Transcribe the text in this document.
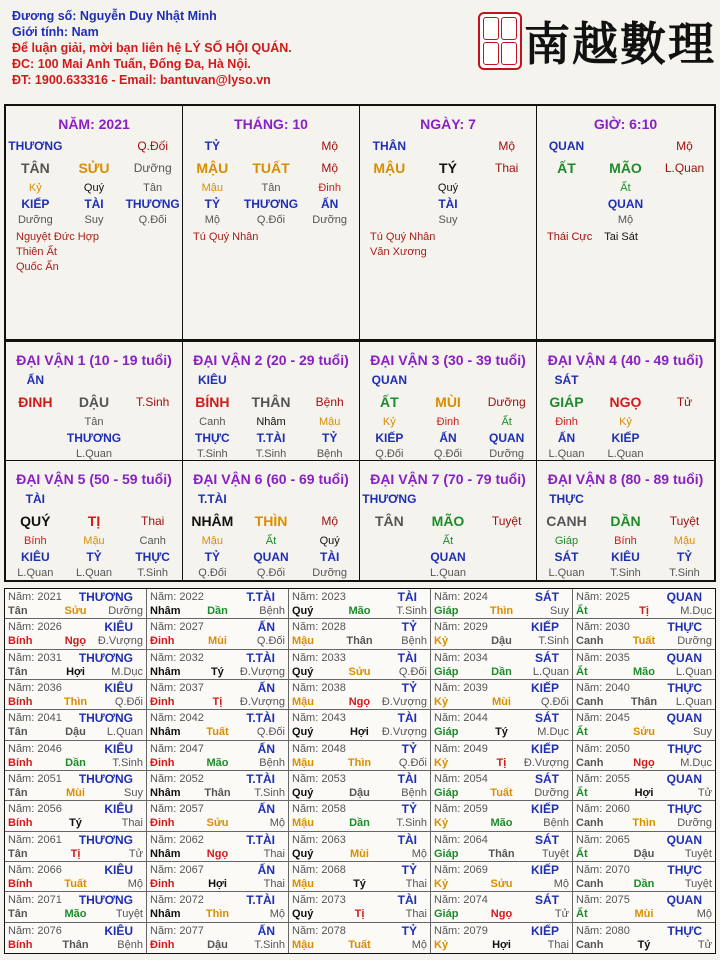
Đương số: Nguyễn Duy Nhật Minh
Giới tính: Nam
Để luận giải, mời bạn liên hệ LÝ SỐ HỘI QUÁN.
ĐC: 100 Mai Anh Tuấn, Đống Đa, Hà Nội.
ĐT: 1900.633316 - Email: bantuvan@lyso.vn
南越數理
NĂM: 2021
THƯƠNG	Q.Đối
TÂN	SỬU	Dưỡng
Kỷ	Quý	Tân
KIẾP	TÀI	THƯƠNG
Dưỡng	Suy	Q.Đối
Nguyệt Đức Hợp
Thiên Ất
Quốc Ấn
THÁNG: 10
TỶ	Mộ
MẬU	TUẤT	Mộ
Mậu	Tân	Đinh
TỶ	THƯƠNG	ẤN
Mộ	Q.Đối	Dưỡng
Tú Quý Nhân
NGÀY: 7
THÂN	Mộ
MẬU	TÝ	Thai
Quý
TÀI
Suy
Tú Quý Nhân
Văn Xương
GIỜ: 6:10
QUAN	Mộ
ẤT	MÃO	L.Quan
Ất
QUAN
Mộ
Thái Cực Tai Sát
ĐẠI VẬN 1 (10 - 19 tuổi)
ẤN
ĐINH	DẬU	T.Sinh
Tân
THƯƠNG
L.Quan
ĐẠI VẬN 2 (20 - 29 tuổi)
KIÊU
BÍNH	THÂN	Bệnh
Canh	Nhâm	Mậu
THỰC	T.TÀI	TỶ
T.Sinh	T.Sinh	Bệnh
ĐẠI VẬN 3 (30 - 39 tuổi)
QUAN
ẤT	MÙI	Dưỡng
Kỷ	Đinh	Ất
KIẾP	ẤN	QUAN
Q.Đối	Q.Đối	Dưỡng
ĐẠI VẬN 4 (40 - 49 tuổi)
SÁT
GIÁP	NGỌ	Tử
Đinh	Kỷ
ẤN	KIẾP
L.Quan	L.Quan
ĐẠI VẬN 5 (50 - 59 tuổi)
TÀI
QUÝ	TỊ	Thai
Bính	Mậu	Canh
KIÊU	TỶ	THỰC
L.Quan	L.Quan	T.Sinh
ĐẠI VẬN 6 (60 - 69 tuổi)
T.TÀI
NHÂM	THÌN	Mộ
Mậu	Ất	Quý
TỶ	QUAN	TÀI
Q.Đối	Q.Đối	Dưỡng
ĐẠI VẬN 7 (70 - 79 tuổi)
THƯƠNG
TÂN	MÃO	Tuyệt
Ất
QUAN
L.Quan
ĐẠI VẬN 8 (80 - 89 tuổi)
THỰC
CANH	DẦN	Tuyệt
Giáp	Bính	Mậu
SÁT	KIÊU	TỶ
L.Quan	T.Sinh	T.Sinh
Năm: 2021 THƯƠNG
Tân	Sửu	Dưỡng
Năm: 2022	T.TÀI
Nhâm	Dần	Bệnh
Năm: 2023	TÀI
Quý	Mão	T.Sinh
Năm: 2024	SÁT
Giáp	Thìn	Suy
Năm: 2025	QUAN
Ất	Tị	M.Dục
Năm: 2026	KIÊU
Bính	Ngọ	Đ.Vượng
Năm: 2027	ẤN
Đinh	Mùi	Q.Đối
Năm: 2028	TỶ
Mậu	Thân	Bệnh
Năm: 2029	KIẾP
Kỷ	Dậu	T.Sinh
Năm: 2030	THỰC
Canh	Tuất	Dưỡng
Năm: 2031 THƯƠNG
Tân	Hợi	M.Dục
Năm: 2032	T.TÀI
Nhâm	Tý	Đ.Vượng
Năm: 2033	TÀI
Quý	Sửu	Q.Đối
Năm: 2034	SÁT
Giáp	Dần	L.Quan
Năm: 2035	QUAN
Ất	Mão	L.Quan
Năm: 2036	KIÊU
Bính	Thìn	Q.Đối
Năm: 2037	ẤN
Đinh	Tị	Đ.Vượng
Năm: 2038	TỶ
Mậu	Ngọ	Đ.Vượng
Năm: 2039	KIẾP
Kỷ	Mùi	Q.Đối
Năm: 2040	THỰC
Canh	Thân	L.Quan
Năm: 2041 THƯƠNG
Tân	Dậu	L.Quan
Năm: 2042	T.TÀI
Nhâm	Tuất	Q.Đối
Năm: 2043	TÀI
Quý	Hợi	Đ.Vượng
Năm: 2044	SÁT
Giáp	Tý	M.Dục
Năm: 2045	QUAN
Ất	Sửu	Suy
Năm: 2046	KIÊU
Bính	Dần	T.Sinh
Năm: 2047	ẤN
Đinh	Mão	Bệnh
Năm: 2048	TỶ
Mậu	Thìn	Q.Đối
Năm: 2049	KIẾP
Kỷ	Tị	Đ.Vượng
Năm: 2050	THỰC
Canh	Ngọ	M.Dục
Năm: 2051 THƯƠNG
Tân	Mùi	Suy
Năm: 2052	T.TÀI
Nhâm	Thân	T.Sinh
Năm: 2053	TÀI
Quý	Dậu	Bệnh
Năm: 2054	SÁT
Giáp	Tuất	Dưỡng
Năm: 2055	QUAN
Ất	Hợi	Tử
Năm: 2056	KIÊU
Bính	Tý	Thai
Năm: 2057	ẤN
Đinh	Sửu	Mộ
Năm: 2058	TỶ
Mậu	Dần	T.Sinh
Năm: 2059	KIẾP
Kỷ	Mão	Bệnh
Năm: 2060	THỰC
Canh	Thìn	Dưỡng
Năm: 2061 THƯƠNG
Tân	Tị	Tử
Năm: 2062	T.TÀI
Nhâm	Ngọ	Thai
Năm: 2063	TÀI
Quý	Mùi	Mộ
Năm: 2064	SÁT
Giáp	Thân	Tuyệt
Năm: 2065	QUAN
Ất	Dậu	Tuyệt
Năm: 2066	KIÊU
Bính	Tuất	Mộ
Năm: 2067	ẤN
Đinh	Hợi	Thai
Năm: 2068	TỶ
Mậu	Tý	Thai
Năm: 2069	KIẾP
Kỷ	Sửu	Mộ
Năm: 2070	THỰC
Canh	Dần	Tuyệt
Năm: 2071 THƯƠNG
Tân	Mão	Tuyệt
Năm: 2072	T.TÀI
Nhâm	Thìn	Mộ
Năm: 2073	TÀI
Quý	Tị	Thai
Năm: 2074	SÁT
Giáp	Ngọ	Tử
Năm: 2075	QUAN
Ất	Mùi	Mộ
Năm: 2076	KIÊU
Bính	Thân	Bệnh
Năm: 2077	ẤN
Đinh	Dậu	T.Sinh
Năm: 2078	TỶ
Mậu	Tuất	Mộ
Năm: 2079	KIẾP
Kỷ	Hợi	Thai
Năm: 2080	THỰC
Canh	Tý	Tử
